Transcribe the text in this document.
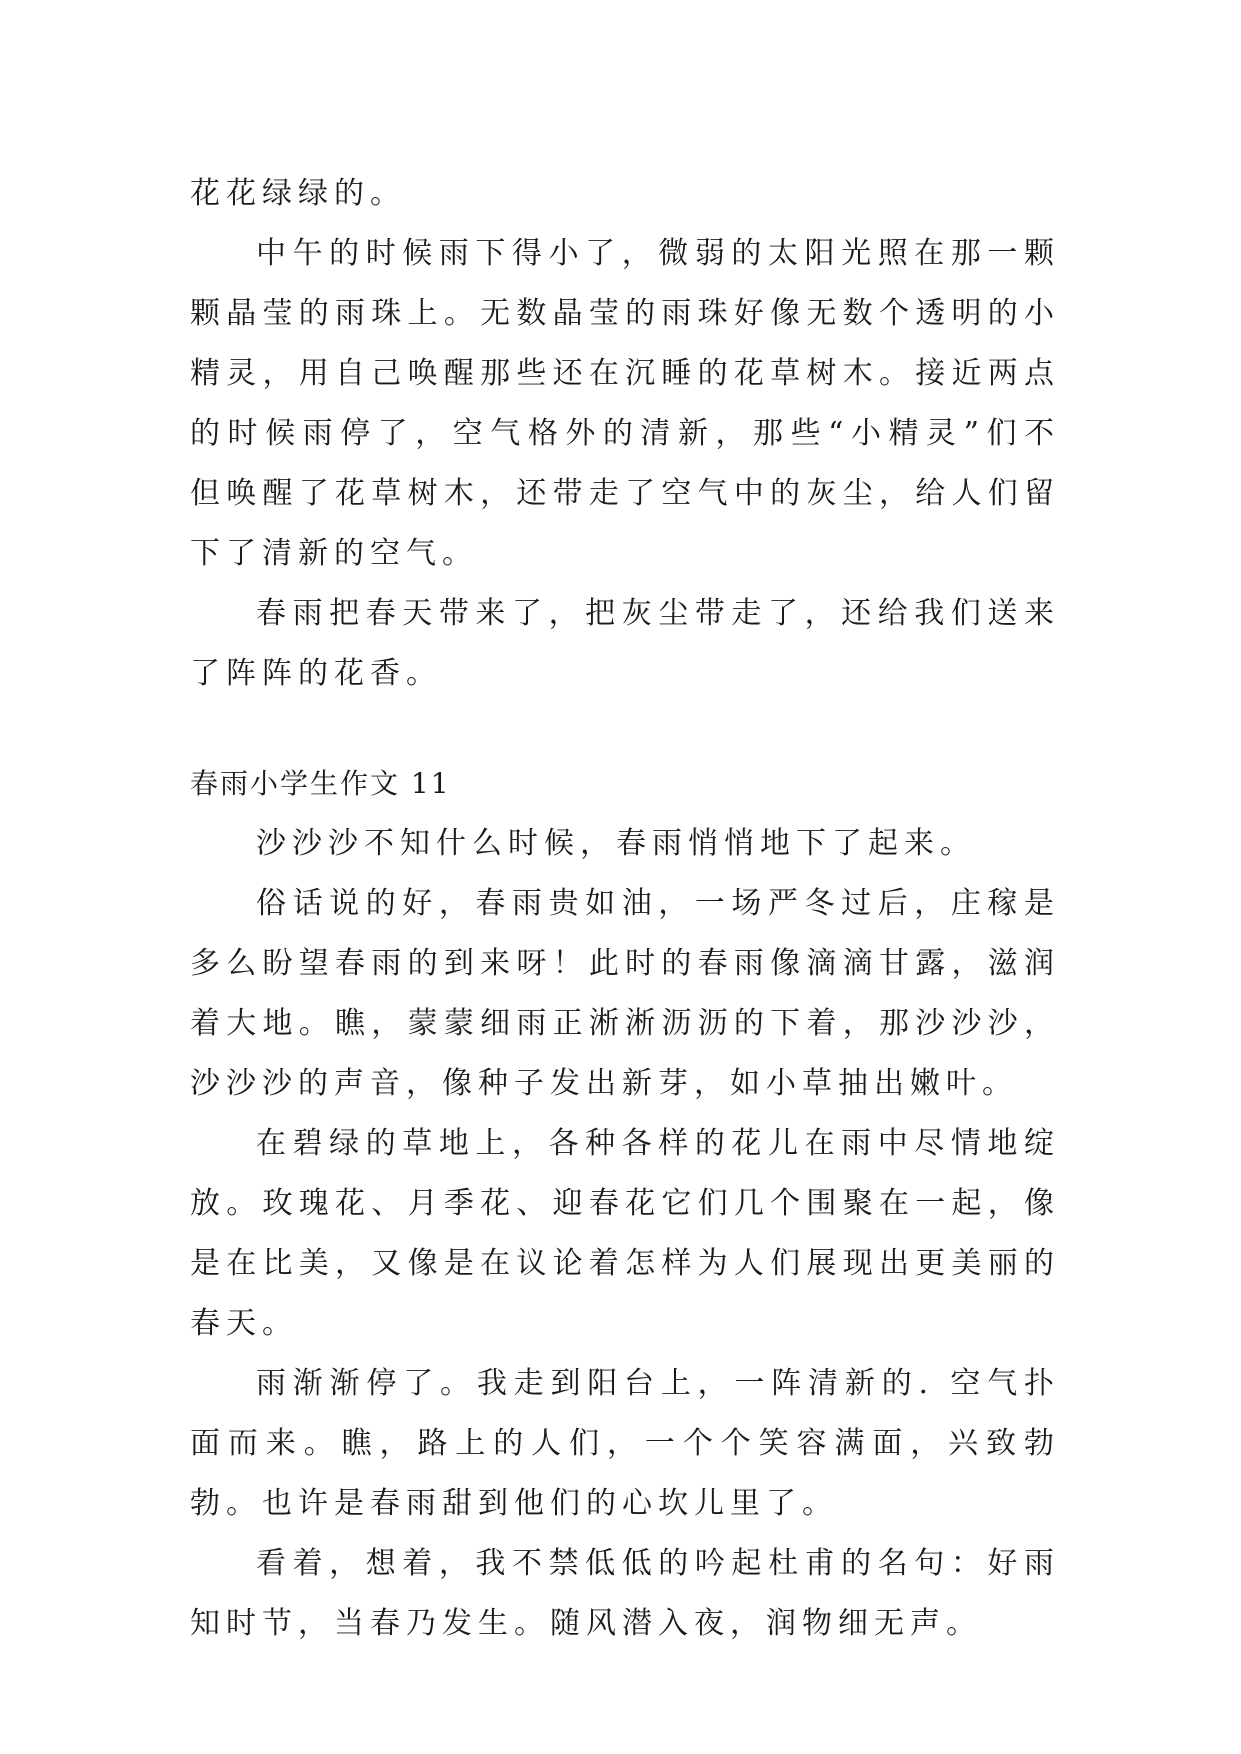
花花绿绿的。

中午的时候雨下得小了，微弱的太阳光照在那一颗颗晶莹的雨珠上。无数晶莹的雨珠好像无数个透明的小精灵，用自己唤醒那些还在沉睡的花草树木。接近两点的时候雨停了，空气格外的清新，那些“小精灵”们不但唤醒了花草树木，还带走了空气中的灰尘，给人们留下了清新的空气。

春雨把春天带来了，把灰尘带走了，还给我们送来了阵阵的花香。

春雨小学生作文 11

沙沙沙不知什么时候，春雨悄悄地下了起来。

俗话说的好，春雨贵如油，一场严冬过后，庄稼是多么盼望春雨的到来呀！此时的春雨像滴滴甘露，滋润着大地。瞧，蒙蒙细雨正淅淅沥沥的下着，那沙沙沙，沙沙沙的声音，像种子发出新芽，如小草抽出嫩叶。

在碧绿的草地上，各种各样的花儿在雨中尽情地绽放。玫瑰花、月季花、迎春花它们几个围聚在一起，像是在比美，又像是在议论着怎样为人们展现出更美丽的春天。

雨渐渐停了。我走到阳台上，一阵清新的. 空气扑面而来。瞧，路上的人们，一个个笑容满面，兴致勃勃。也许是春雨甜到他们的心坎儿里了。

看着，想着，我不禁低低的吟起杜甫的名句：好雨知时节，当春乃发生。随风潜入夜，润物细无声。
